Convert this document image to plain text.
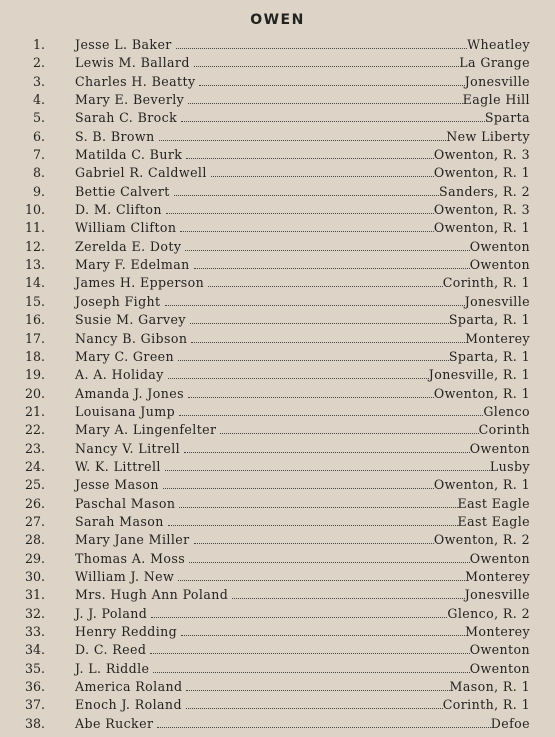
OWEN
1. Jesse L. Baker	Wheatley
2. Lewis M. Ballard	La Grange
3. Charles H. Beatty	Jonesville
4. Mary E. Beverly	Eagle Hill
5. Sarah C. Brock	Sparta
6. S. B. Brown	New Liberty
7. Matilda C. Burk	Owenton, R. 3
8. Gabriel R. Caldwell	Owenton, R. 1
9. Bettie Calvert	Sanders, R. 2
10. D. M. Clifton	Owenton, R. 3
11. William Clifton	Owenton, R. 1
12. Zerelda E. Doty	Owenton
13. Mary F. Edelman	Owenton
14. James H. Epperson	Corinth, R. 1
15. Joseph Fight	Jonesville
16. Susie M. Garvey	Sparta, R. 1
17. Nancy B. Gibson	Monterey
18. Mary C. Green	Sparta, R. 1
19. A. A. Holiday	Jonesville, R. 1
20. Amanda J. Jones	Owenton, R. 1
21. Louisana Jump	Glenco
22. Mary A. Lingenfelter	Corinth
23. Nancy V. Litrell	Owenton
24. W. K. Littrell	Lusby
25. Jesse Mason	Owenton, R. 1
26. Paschal Mason	East Eagle
27. Sarah Mason	East Eagle
28. Mary Jane Miller	Owenton, R. 2
29. Thomas A. Moss	Owenton
30. William J. New	Monterey
31. Mrs. Hugh Ann Poland	Jonesville
32. J. J. Poland	Glenco, R. 2
33. Henry Redding	Monterey
34. D. C. Reed	Owenton
35. J. L. Riddle	Owenton
36. America Roland	Mason, R. 1
37. Enoch J. Roland	Corinth, R. 1
38. Abe Rucker	Defoe
